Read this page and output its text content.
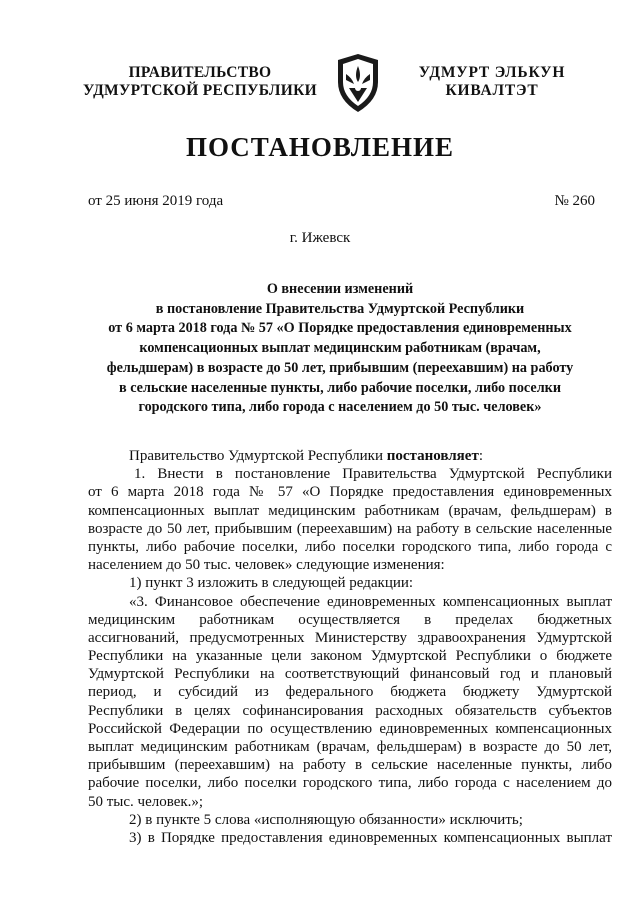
ПРАВИТЕЛЬСТВО
УДМУРТСКОЙ РЕСПУБЛИКИ
УДМУРТ ЭЛЬКУН
КИВАЛТЭТ
ПОСТАНОВЛЕНИЕ
от 25 июня 2019 года	№ 260
г. Ижевск
О внесении изменений
в постановление Правительства Удмуртской Республики
от 6 марта 2018 года № 57 «О Порядке предоставления единовременных
компенсационных выплат медицинским работникам (врачам,
фельдшерам) в возрасте до 50 лет, прибывшим (переехавшим) на работу
в сельские населенные пункты, либо рабочие поселки, либо поселки
городского типа, либо города с населением до 50 тыс. человек»
Правительство Удмуртской Республики постановляет:
1. Внести в постановление Правительства Удмуртской Республики
от 6 марта 2018 года № 57 «О Порядке предоставления единовременных
компенсационных выплат медицинским работникам (врачам, фельдшерам) в
возрасте до 50 лет, прибывшим (переехавшим) на работу в сельские населенные
пункты, либо рабочие поселки, либо поселки городского типа, либо города с
населением до 50 тыс. человек» следующие изменения:
1) пункт 3 изложить в следующей редакции:
«3. Финансовое обеспечение единовременных компенсационных выплат
медицинским работникам осуществляется в пределах бюджетных
ассигнований, предусмотренных Министерству здравоохранения Удмуртской
Республики на указанные цели законом Удмуртской Республики о бюджете
Удмуртской Республики на соответствующий финансовый год и плановый
период, и субсидий из федерального бюджета бюджету Удмуртской
Республики в целях софинансирования расходных обязательств субъектов
Российской Федерации по осуществлению единовременных компенсационных
выплат медицинским работникам (врачам, фельдшерам) в возрасте до 50 лет,
прибывшим (переехавшим) на работу в сельские населенные пункты, либо
рабочие поселки, либо поселки городского типа, либо города с населением до
50 тыс. человек.»;
2) в пункте 5 слова «исполняющую обязанности» исключить;
3) в Порядке предоставления единовременных компенсационных выплат
